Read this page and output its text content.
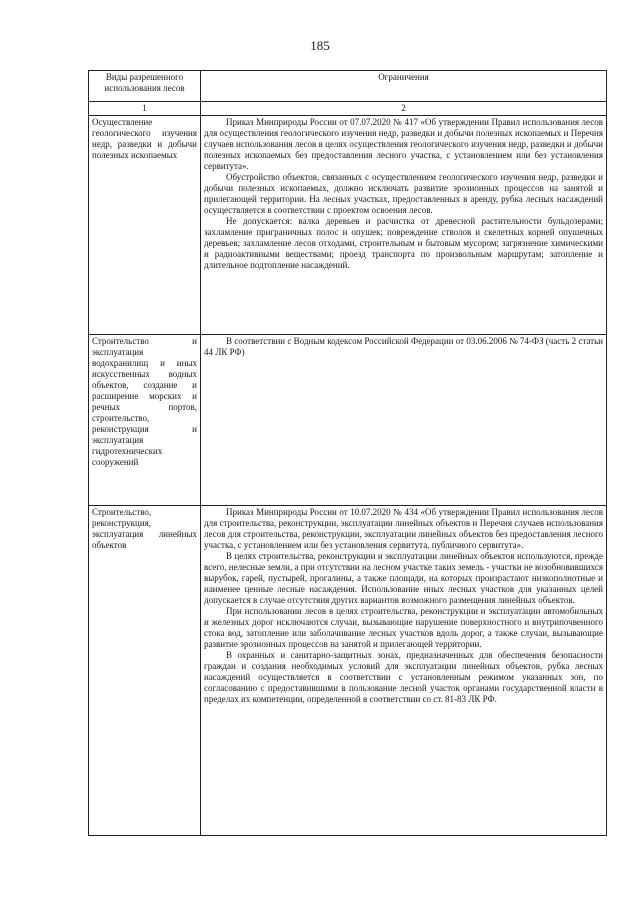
185
Виды разрешенного использования лесов	Ограничения
1	2

Осуществление геологического изучения недр, разведки и добычи полезных ископаемых	Приказ Минприроды России от 07.07.2020 № 417 «Об утверждении Правил использования лесов для осуществления геологического изучения недр, разведки и добычи полезных ископаемых и Перечня случаев использования лесов в целях осуществления геологического изучения недр, разведки и добычи полезных ископаемых без предоставления лесного участка, с установлением или без установления сервитута».

Обустройство объектов, связанных с осуществлением геологического изучения недр, разведки и добычи полезных ископаемых, должно исключать развитие эрозионных процессов на занятой и прилегающей территории. На лесных участках, предоставленных в аренду, рубка лесных насаждений осуществляется в соответствии с проектом освоения лесов.

Не допускается: валка деревьев и расчистка от древесной растительности бульдозерами; захламление приграничных полос и опушек; повреждение стволов и скелетных корней опушечных деревьев; захламление лесов отходами, строительным и бытовым мусором; загрязнение химическими и радиоактивными веществами; проезд транспорта по произвольным маршрутам; затопление и длительное подтопление насаждений.

Строительство и эксплуатация водохранилищ и иных искусственных водных объектов, создание и расширение морских и речных портов, строительство, реконструкция и эксплуатация гидротехнических сооружений	В соответствии с Водным кодексом Российской Федерации от 03.06.2006 № 74-ФЗ (часть 2 статьи 44 ЛК РФ)

Строительство, реконструкция, эксплуатация линейных объектов	Приказ Минприроды России от 10.07.2020 № 434 «Об утверждении Правил использования лесов для строительства, реконструкции, эксплуатации линейных объектов и Перечня случаев использования лесов для строительства, реконструкции, эксплуатации линейных объектов без предоставления лесного участка, с установлением или без установления сервитута, публичного сервитута».

В целях строительства, реконструкции и эксплуатации линейных объектов используются, прежде всего, нелесные земли, а при отсутствии на лесном участке таких земель - участки не возобновившихся вырубок, гарей, пустырей, прогалины, а также площади, на которых произрастают низкополнотные и наименее ценные лесные насаждения. Использование иных лесных участков для указанных целей допускается в случае отсутствия других вариантов возможного размещения линейных объектов.

При использовании лесов в целях строительства, реконструкции и эксплуатации автомобильных и железных дорог исключаются случаи, вызывающие нарушение поверхностного и внутрипочвенного стока вод, затопление или заболачивание лесных участков вдоль дорог, а также случаи, вызывающие развитие эрозионных процессов на занятой и прилегающей территории.

В охранных и санитарно-защитных зонах, предназначенных для обеспечения безопасности граждан и создания необходимых условий для эксплуатации линейных объектов, рубка лесных насаждений осуществляется в соответствии с установленным режимом указанных зон, по согласованию с предоставившими в пользование лесной участок органами государственной власти в пределах их компетенции, определенной в соответствии со ст. 81-83 ЛК РФ.
